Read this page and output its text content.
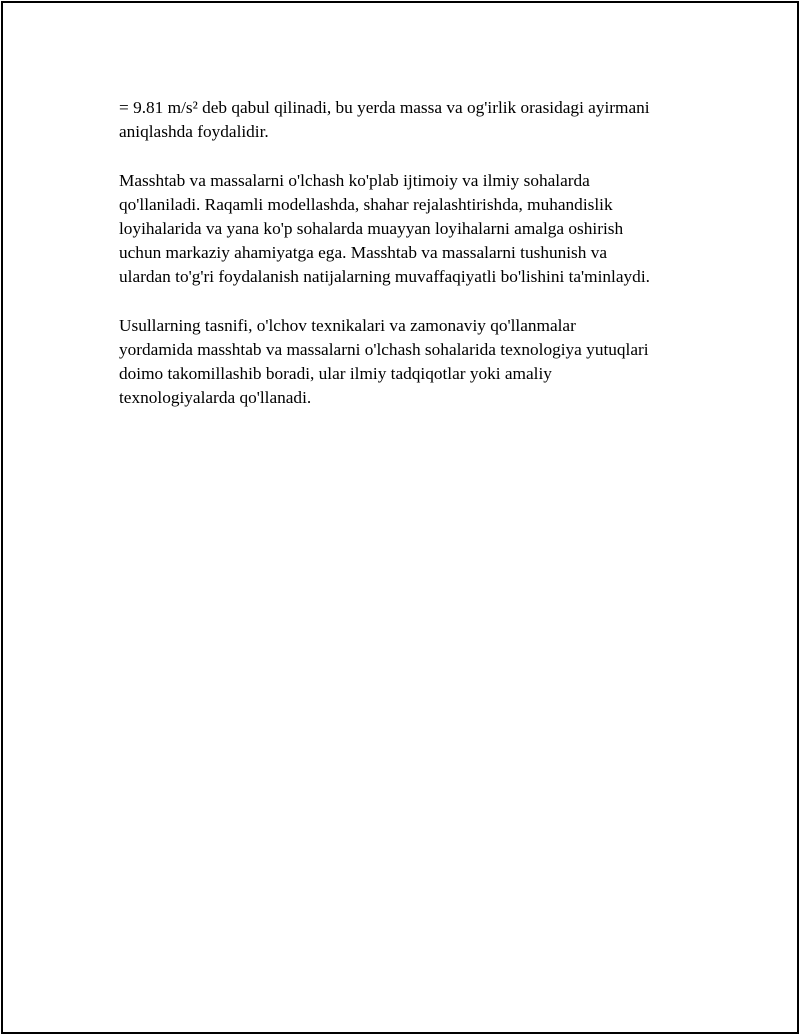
= 9.81 m/s² deb qabul qilinadi, bu yerda massa va og'irlik orasidagi ayirmani
aniqlashda foydalidir.

Masshtab va massalarni o'lchash ko'plab ijtimoiy va ilmiy sohalarda
qo'llaniladi. Raqamli modellashda, shahar rejalashtirishda, muhandislik
loyihalarida va yana ko'p sohalarda muayyan loyihalarni amalga oshirish
uchun markaziy ahamiyatga ega. Masshtab va massalarni tushunish va
ulardan to'g'ri foydalanish natijalarning muvaffaqiyatli bo'lishini ta'minlaydi.

Usullarning tasnifi, o'lchov texnikalari va zamonaviy qo'llanmalar
yordamida masshtab va massalarni o'lchash sohalarida texnologiya yutuqlari
doimo takomillashib boradi, ular ilmiy tadqiqotlar yoki amaliy
texnologiyalarda qo'llanadi.
